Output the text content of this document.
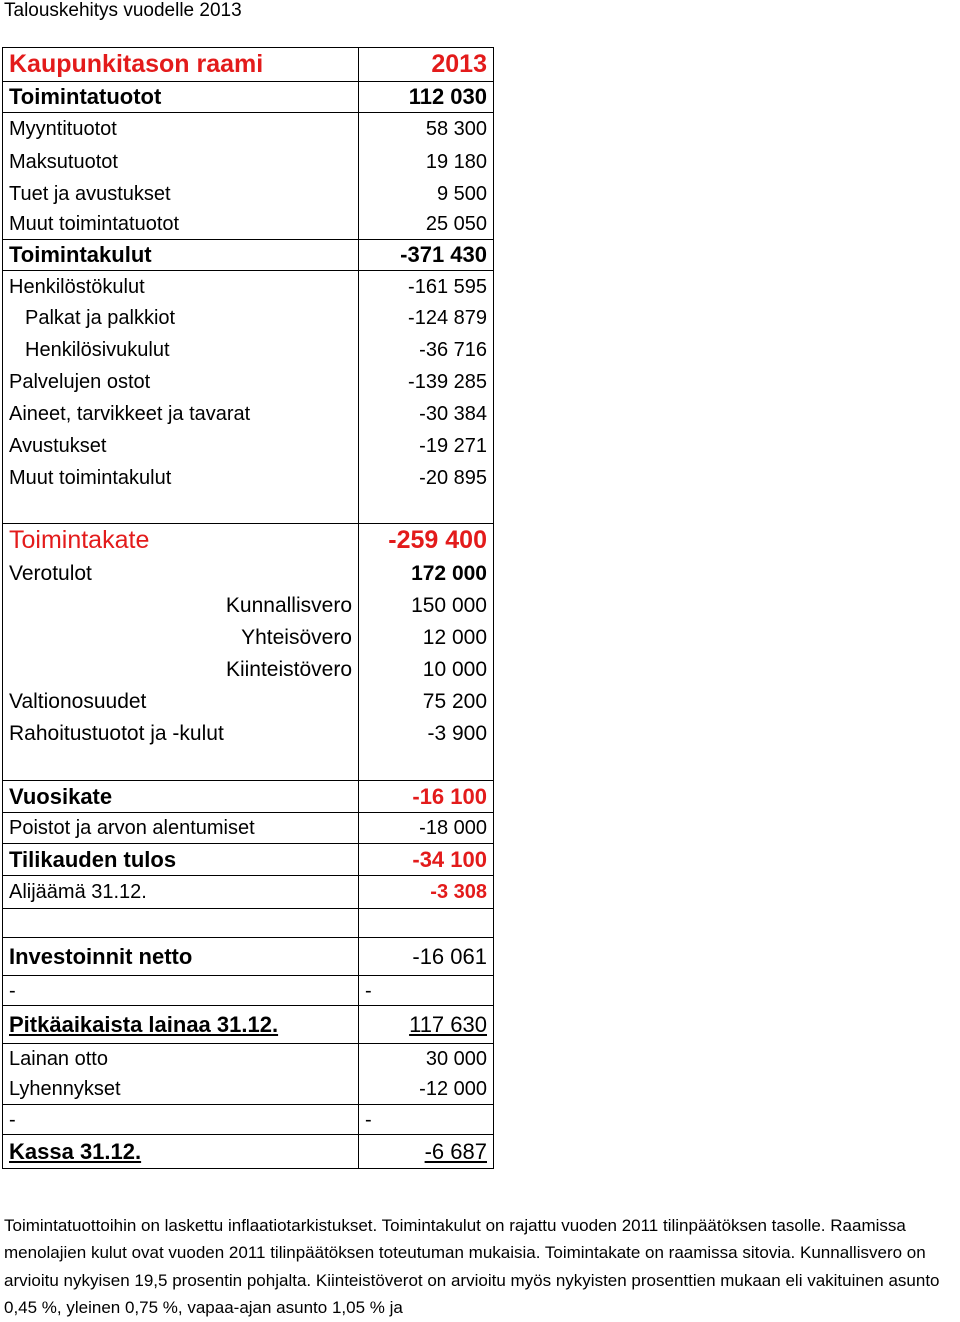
Talouskehitys vuodelle 2013
Kaupunkitason raami	2013
Toimintatuotot	112 030
Myyntituotot	58 300
Maksutuotot	19 180
Tuet ja avustukset	9 500
Muut toimintatuotot	25 050
Toimintakulut	-371 430
Henkilöstökulut	-161 595
Palkat ja palkkiot	-124 879
Henkilösivukulut	-36 716
Palvelujen ostot	-139 285
Aineet, tarvikkeet ja tavarat	-30 384
Avustukset	-19 271
Muut toimintakulut	-20 895

Toimintakate	-259 400
Verotulot	172 000
Kunnallisvero	150 000
Yhteisövero	12 000
Kiinteistövero	10 000
Valtionosuudet	75 200
Rahoitustuotot ja -kulut	-3 900

Vuosikate	-16 100
Poistot ja arvon alentumiset	-18 000
Tilikauden tulos	-34 100
Alijäämä 31.12.	-3 308

Investoinnit netto	-16 061
-	-
Pitkäaikaista lainaa 31.12.	117 630
Lainan otto	30 000
Lyhennykset	-12 000
-	-
Kassa 31.12.	-6 687
Toimintatuottoihin on laskettu inflaatiotarkistukset. Toimintakulut on rajattu vuoden 2011 tilinpäätöksen tasolle. Raamissa menolajien kulut ovat vuoden 2011 tilinpäätöksen toteutuman mukaisia. Toimintakate on raamissa sitovia. Kunnallisvero on arvioitu nykyisen 19,5 prosentin pohjalta. Kiinteistöverot on arvioitu myös nykyisten prosenttien mukaan eli vakituinen asunto 0,45 %, yleinen 0,75 %, vapaa-ajan asunto 1,05 % ja
